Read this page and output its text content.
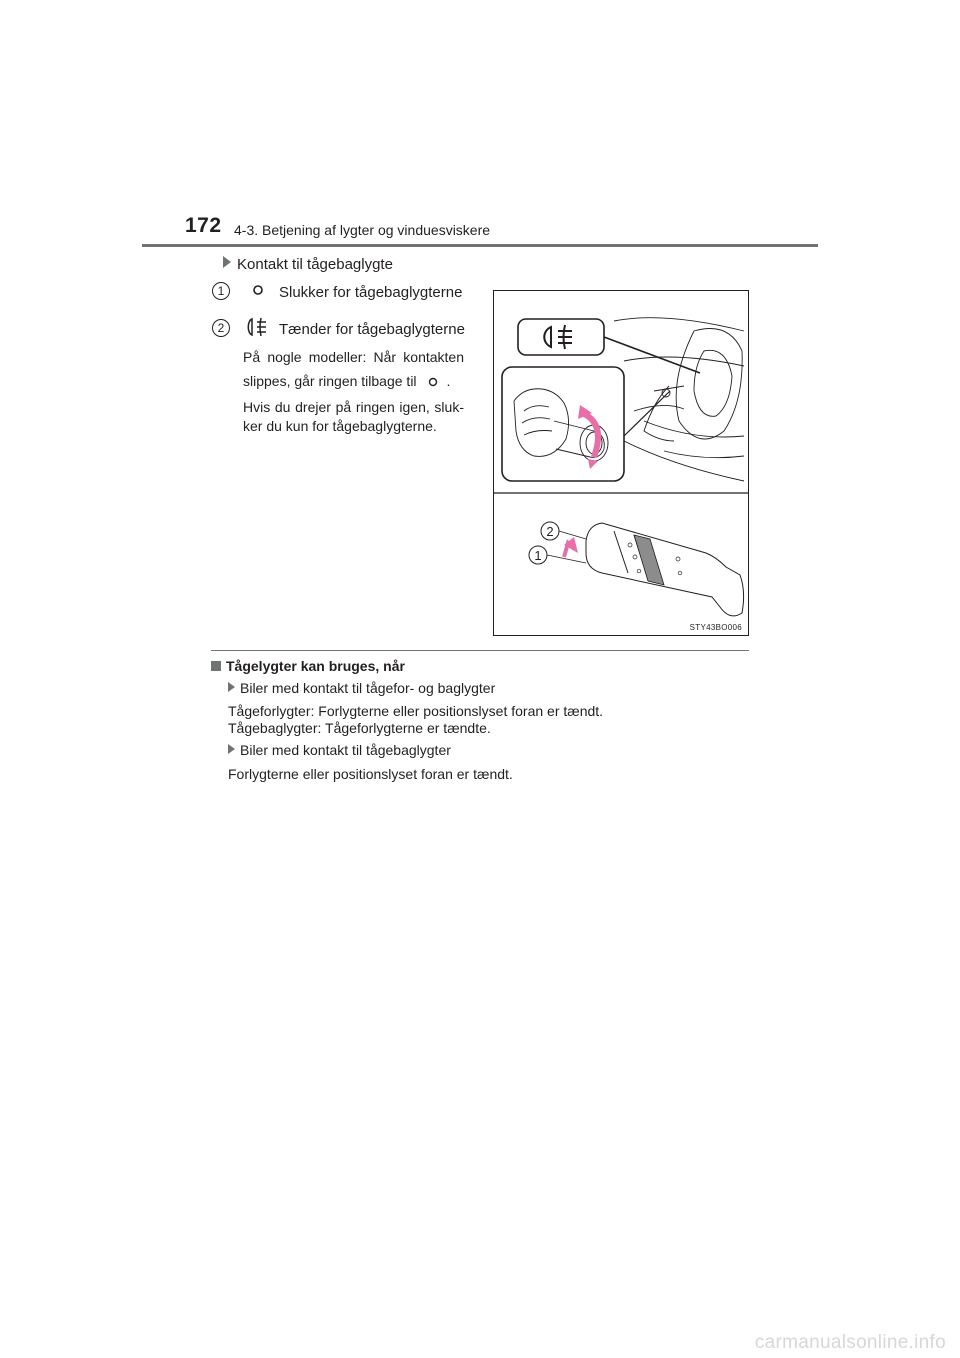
172 4-3. Betjening af lygter og vinduesviskere
Kontakt til tågebaglygte
1	Slukker for tågebaglygterne
2	Tænder for tågebaglygterne
På nogle modeller: Når kontakten
slippes, går ringen tilbage til .
Hvis du drejer på ringen igen, sluk-
ker du kun for tågebaglygterne.
2
1
STY43BO006
Tågelygter kan bruges, når
Biler med kontakt til tågefor- og baglygter
Tågeforlygter: Forlygterne eller positionslyset foran er tændt.
Tågebaglygter: Tågeforlygterne er tændte.
Biler med kontakt til tågebaglygter
Forlygterne eller positionslyset foran er tændt.
carmanualsonline.info
